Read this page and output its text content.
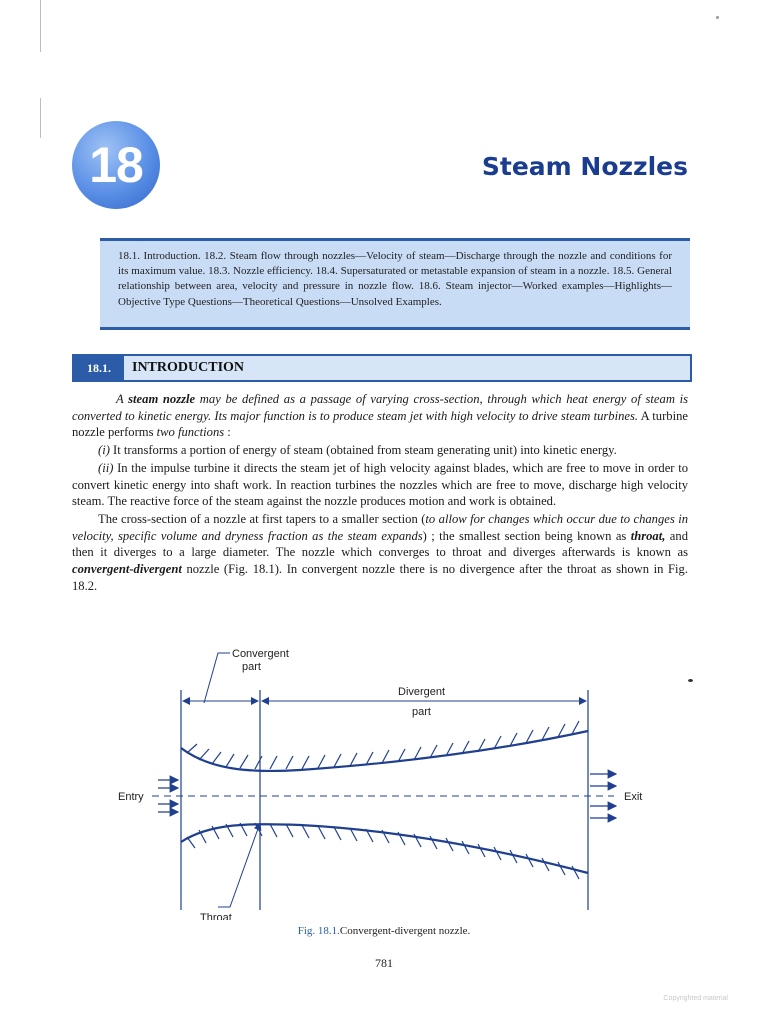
18	Steam Nozzles
18.1. Introduction. 18.2. Steam flow through nozzles—Velocity of steam—Discharge through the nozzle and conditions for its maximum value. 18.3. Nozzle efficiency. 18.4. Supersaturated or metastable expansion of steam in a nozzle. 18.5. General relationship between area, velocity and pressure in nozzle flow. 18.6. Steam injector—Worked examples—Highlights—Objective Type Questions—Theoretical Questions—Unsolved Examples.
18.1.	INTRODUCTION

A steam nozzle may be defined as a passage of varying cross-section, through which heat energy of steam is converted to kinetic energy. Its major function is to produce steam jet with high velocity to drive steam turbines. A turbine nozzle performs two functions :

(i) It transforms a portion of energy of steam (obtained from steam generating unit) into kinetic energy.

(ii) In the impulse turbine it directs the steam jet of high velocity against blades, which are free to move in order to convert kinetic energy into shaft work. In reaction turbines the nozzles which are free to move, discharge high velocity steam. The reactive force of the steam against the nozzle produces motion and work is obtained.

The cross-section of a nozzle at first tapers to a smaller section (to allow for changes which occur due to changes in velocity, specific volume and dryness fraction as the steam expands) ; the smallest section being known as throat, and then it diverges to a large diameter. The nozzle which converges to throat and diverges afterwards is known as convergent-divergent nozzle (Fig. 18.1). In convergent nozzle there is no divergence after the throat as shown in Fig. 18.2.

Convergent
part
Divergent
part
Entry	Exit
Throat
Fig. 18.1.Convergent-divergent nozzle.
781
Copyrighted material
